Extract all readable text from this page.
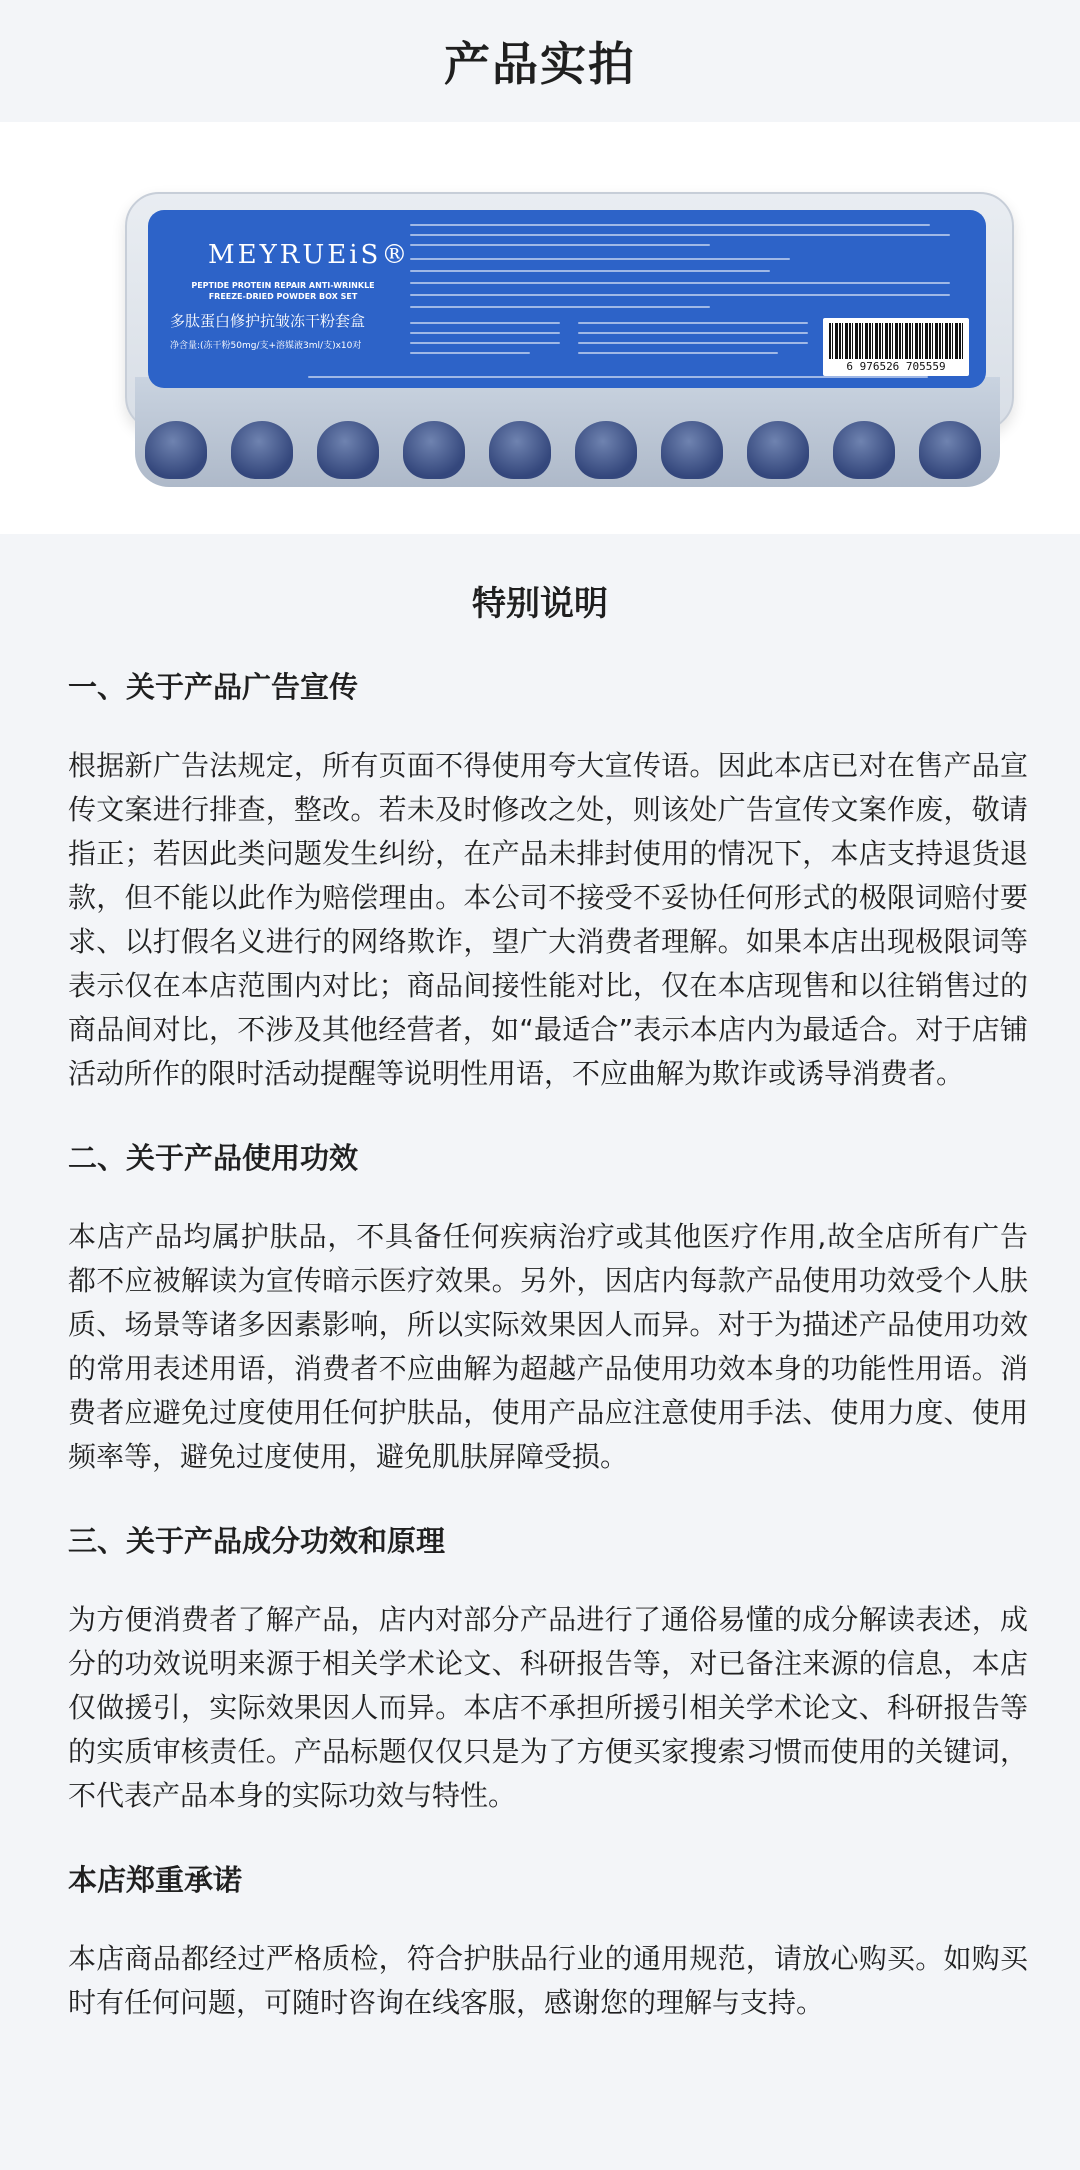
产品实拍
MEYRUEiS®
PEPTIDE PROTEIN REPAIR ANTI-WRINKLE FREEZE-DRIED POWDER BOX SET
多肽蛋白修护抗皱冻干粉套盒
净含量:(冻干粉50mg/支+溶媒液3ml/支)x10对
6 976526 705559
特别说明
一、关于产品广告宣传

根据新广告法规定，所有页面不得使用夸大宣传语。因此本店已对在售产品宣传文案进行排查，整改。若未及时修改之处，则该处广告宣传文案作废，敬请指正；若因此类问题发生纠纷，在产品未排封使用的情况下，本店支持退货退款，但不能以此作为赔偿理由。本公司不接受不妥协任何形式的极限词赔付要求、以打假名义进行的网络欺诈，望广大消费者理解。如果本店出现极限词等表示仅在本店范围内对比；商品间接性能对比，仅在本店现售和以往销售过的商品间对比，不涉及其他经营者，如“最适合”表示本店内为最适合。对于店铺活动所作的限时活动提醒等说明性用语，不应曲解为欺诈或诱导消费者。

二、关于产品使用功效

本店产品均属护肤品，不具备任何疾病治疗或其他医疗作用,故全店所有广告都不应被解读为宣传暗示医疗效果。另外，因店内每款产品使用功效受个人肤质、场景等诸多因素影响，所以实际效果因人而异。对于为描述产品使用功效的常用表述用语，消费者不应曲解为超越产品使用功效本身的功能性用语。消费者应避免过度使用任何护肤品，使用产品应注意使用手法、使用力度、使用频率等，避免过度使用，避免肌肤屏障受损。

三、关于产品成分功效和原理

为方便消费者了解产品，店内对部分产品进行了通俗易懂的成分解读表述，成分的功效说明来源于相关学术论文、科研报告等，对已备注来源的信息，本店仅做援引，实际效果因人而异。本店不承担所援引相关学术论文、科研报告等的实质审核责任。产品标题仅仅只是为了方便买家搜索习惯而使用的关键词，不代表产品本身的实际功效与特性。

本店郑重承诺

本店商品都经过严格质检，符合护肤品行业的通用规范，请放心购买。如购买时有任何问题，可随时咨询在线客服，感谢您的理解与支持。
